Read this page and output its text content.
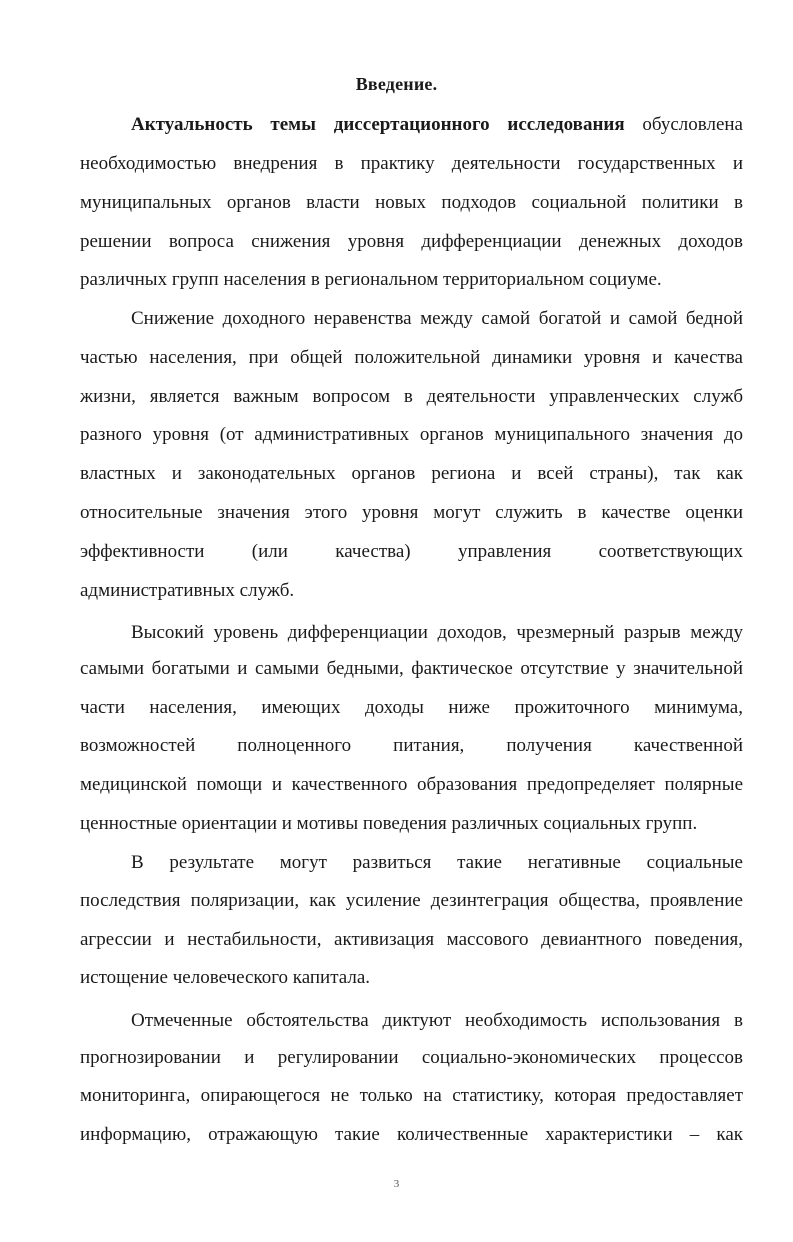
Введение.
Актуальность темы диссертационного исследования обусловлена
необходимостью внедрения в практику деятельности государственных и
муниципальных органов власти новых подходов социальной политики в
решении вопроса снижения уровня дифференциации денежных доходов
различных групп населения в региональном территориальном социуме.
Снижение доходного неравенства между самой богатой и самой бедной
частью населения, при общей положительной динамики уровня и качества
жизни, является важным вопросом в деятельности управленческих служб
разного уровня (от административных органов муниципального значения до
властных и законодательных органов региона и всей страны), так как
относительные значения этого уровня могут служить в качестве оценки
эффективности (или качества) управления соответствующих
административных служб.
Высокий уровень дифференциации доходов, чрезмерный разрыв между
самыми богатыми и самыми бедными, фактическое отсутствие у значительной
части населения, имеющих доходы ниже прожиточного минимума,
возможностей полноценного питания, получения качественной
медицинской помощи и качественного образования предопределяет полярные
ценностные ориентации и мотивы поведения различных социальных групп.
В результате могут развиться такие негативные социальные
последствия поляризации, как усиление дезинтеграция общества, проявление
агрессии и нестабильности, активизация массового девиантного поведения,
истощение человеческого капитала.
Отмеченные обстоятельства диктуют необходимость использования в
прогнозировании и регулировании социально-экономических процессов
мониторинга, опирающегося не только на статистику, которая предоставляет
информацию, отражающую такие количественные характеристики – как
3
